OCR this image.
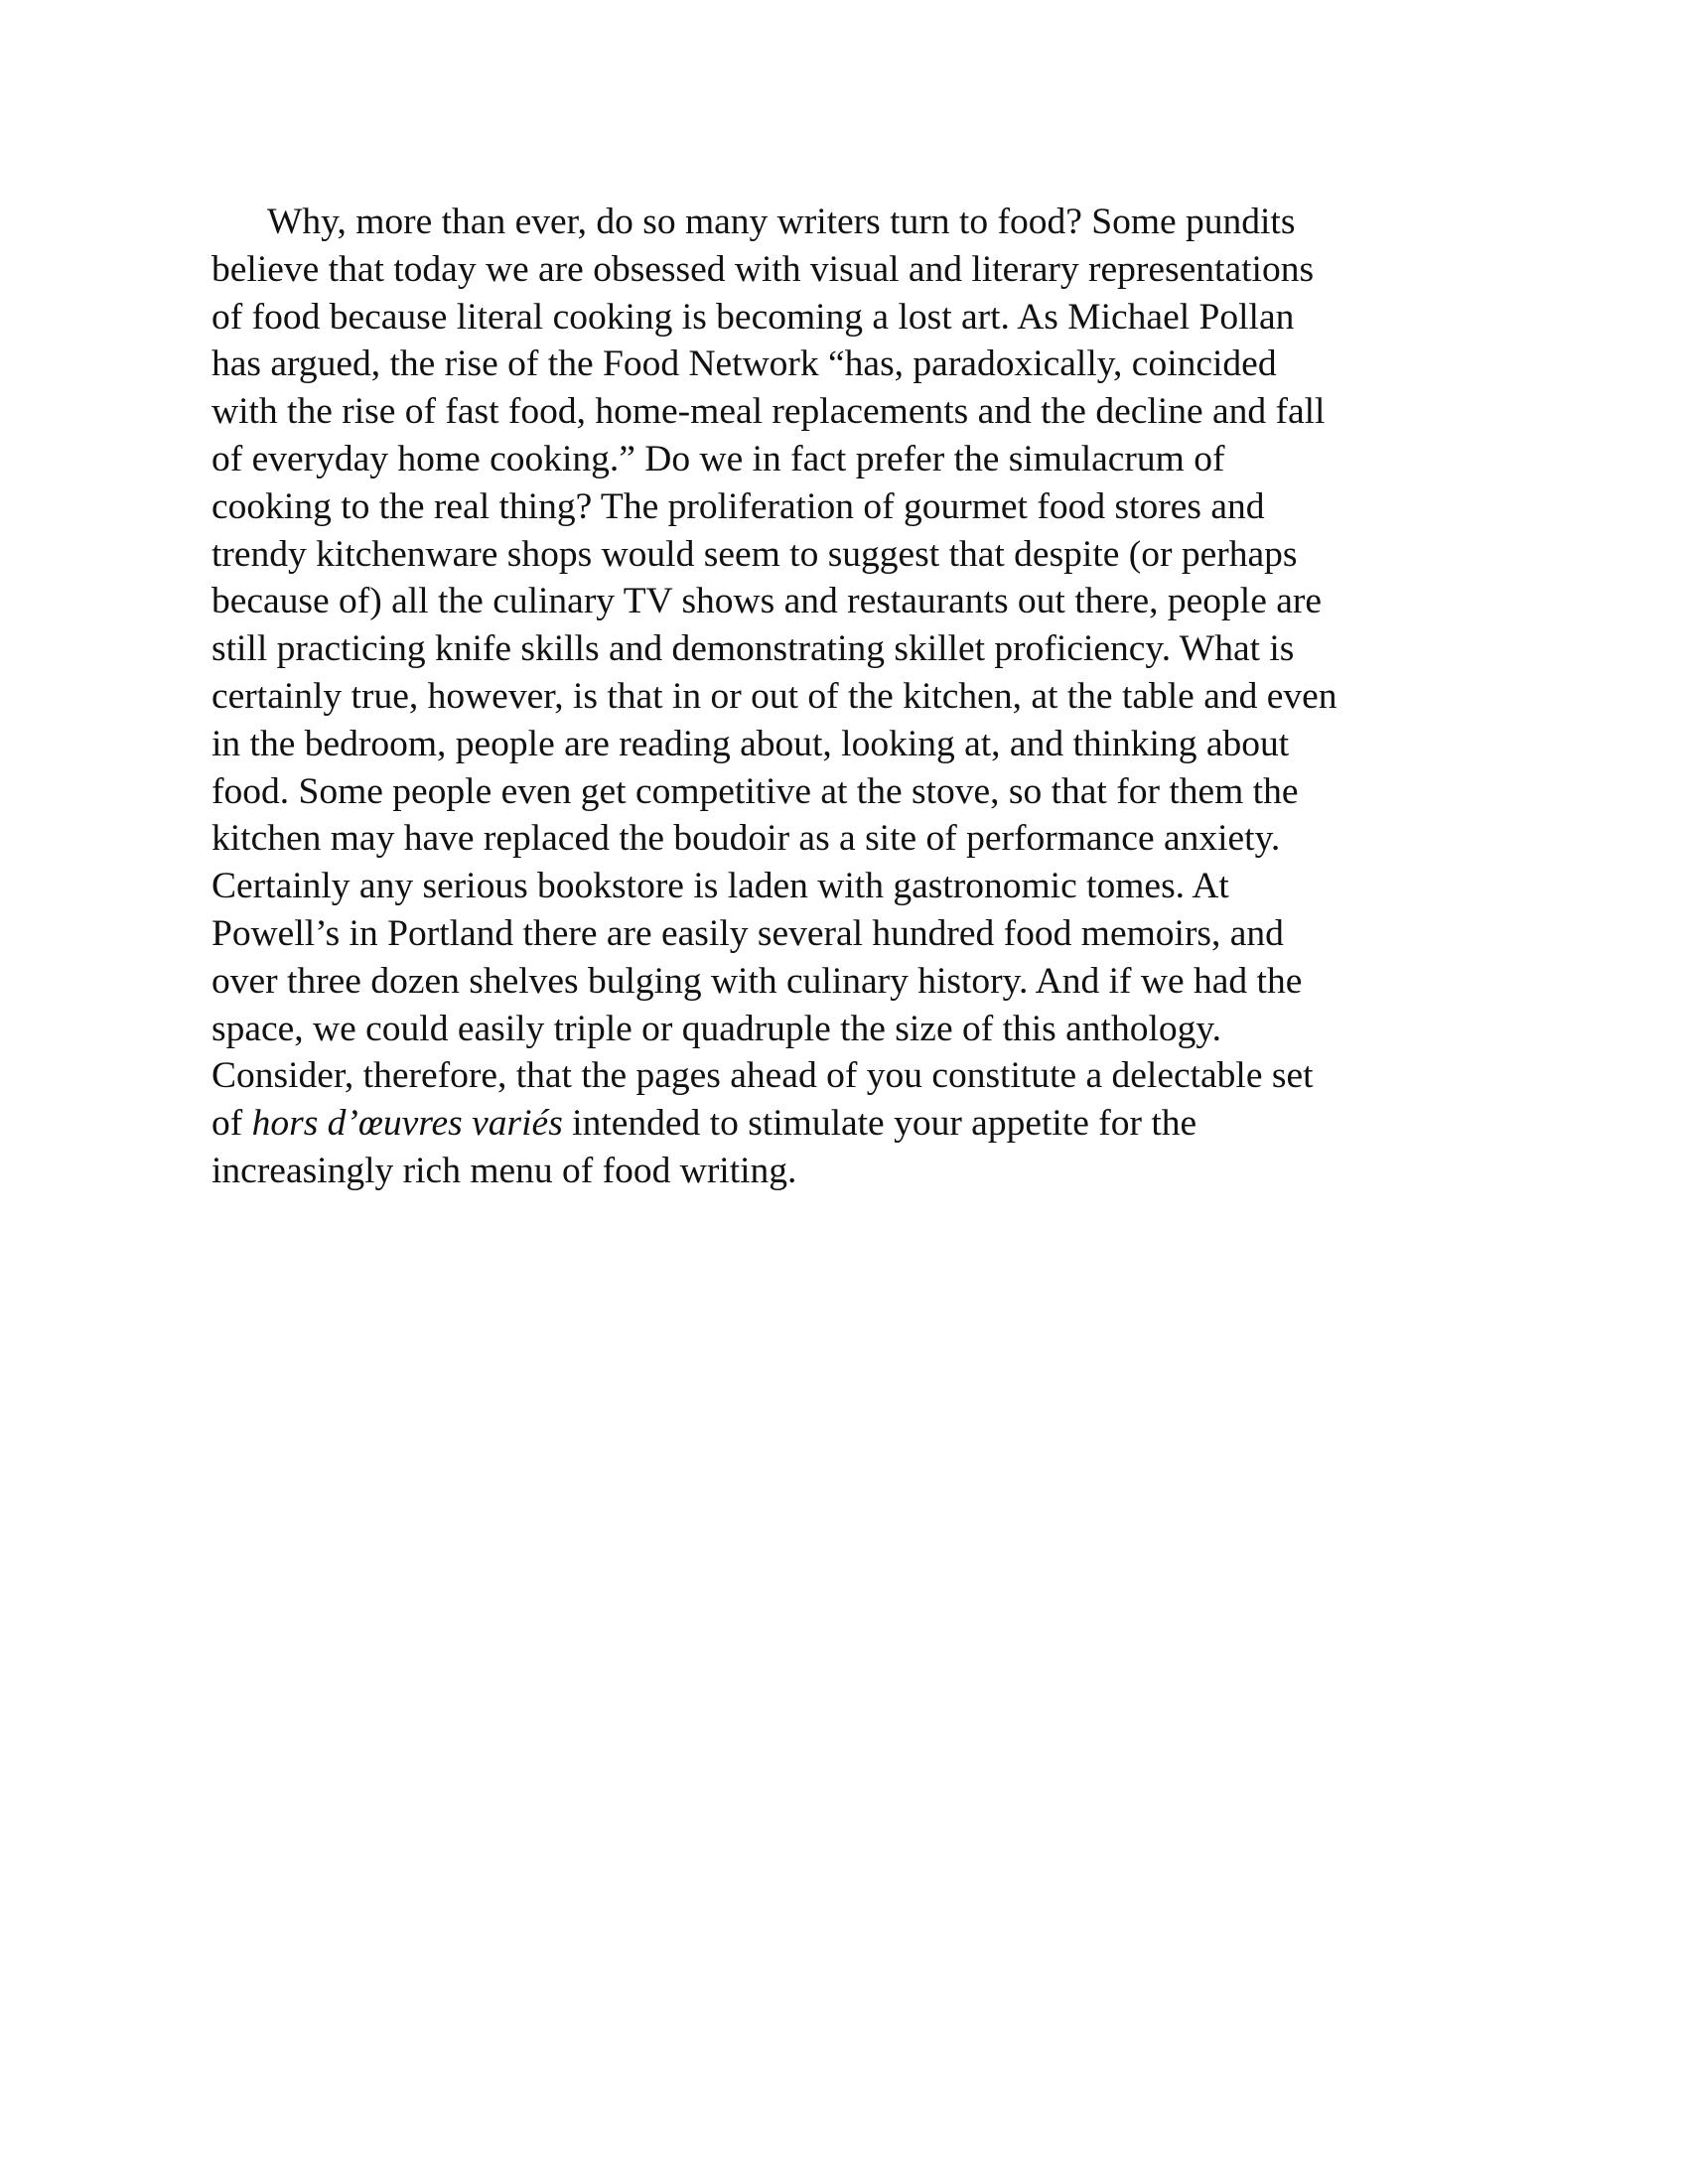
Why, more than ever, do so many writers turn to food? Some pundits
believe that today we are obsessed with visual and literary representations
of food because literal cooking is becoming a lost art. As Michael Pollan
has argued, the rise of the Food Network “has, paradoxically, coincided
with the rise of fast food, home-meal replacements and the decline and fall
of everyday home cooking.” Do we in fact prefer the simulacrum of
cooking to the real thing? The proliferation of gourmet food stores and
trendy kitchenware shops would seem to suggest that despite (or perhaps
because of) all the culinary TV shows and restaurants out there, people are
still practicing knife skills and demonstrating skillet proficiency. What is
certainly true, however, is that in or out of the kitchen, at the table and even
in the bedroom, people are reading about, looking at, and thinking about
food. Some people even get competitive at the stove, so that for them the
kitchen may have replaced the boudoir as a site of performance anxiety.
Certainly any serious bookstore is laden with gastronomic tomes. At
Powell’s in Portland there are easily several hundred food memoirs, and
over three dozen shelves bulging with culinary history. And if we had the
space, we could easily triple or quadruple the size of this anthology.
Consider, therefore, that the pages ahead of you constitute a delectable set
of hors d’œuvres variés intended to stimulate your appetite for the
increasingly rich menu of food writing.
